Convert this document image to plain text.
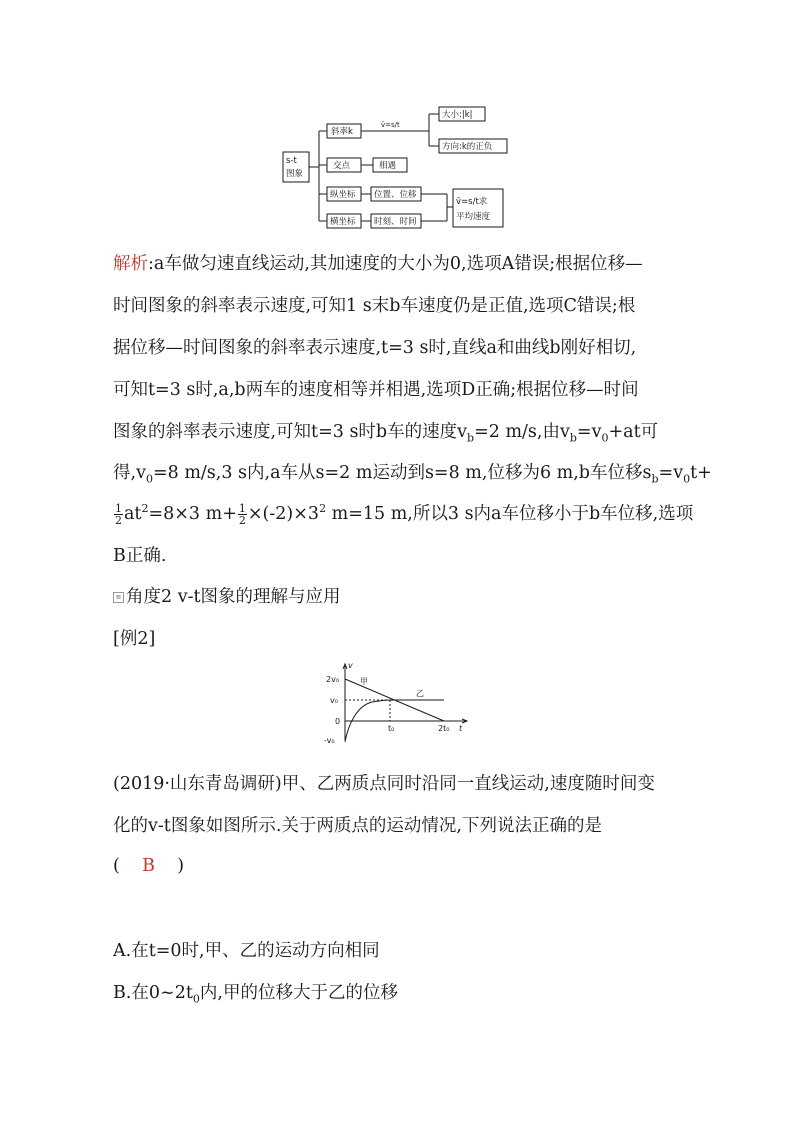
s-t
图象
斜率k
v̄=s/t
大小:|k|
方向:k的正负
交点	相遇
纵坐标 位置、位移
横坐标 时刻、时间
v̄=s/t求
平均速度
解析:a车做匀速直线运动,其加速度的大小为0,选项A错误;根据位移—
时间图象的斜率表示速度,可知1 s末b车速度仍是正值,选项C错误;根
据位移—时间图象的斜率表示速度,t=3 s时,直线a和曲线b刚好相切,
可知t=3 s时,a,b两车的速度相等并相遇,选项D正确;根据位移—时间
图象的斜率表示速度,可知t=3 s时b车的速度$v_b=2$ m/s,由$v_b=v_0+at$可
得$,v_0=8$ m/s,3 s内,a车从s=2 m运动到s=8 m,位移为6 m,b车位移$s_b=v_0t+$
$\frac{1}{2} at^2=8\times 3$ $m+ \frac{1}{2} \times(-2)\times 3^2$ m=15 m,所以3 s内a车位移小于b车位移,选项
B正确.
≡ 角度2 v-t图象的理解与应用
[例2]
v
t
2v₀
v₀
0
-v₀
t₀	2t₀
甲
乙
(2019·山东青岛调研)甲、乙两质点同时沿同一直线运动,速度随时间变
化的v-t图象如图所示.关于两质点的运动情况,下列说法正确的是
( B )
A.在t=0时,甲、乙的运动方向相同
B.在$0\sim 2t_0$内,甲的位移大于乙的位移
